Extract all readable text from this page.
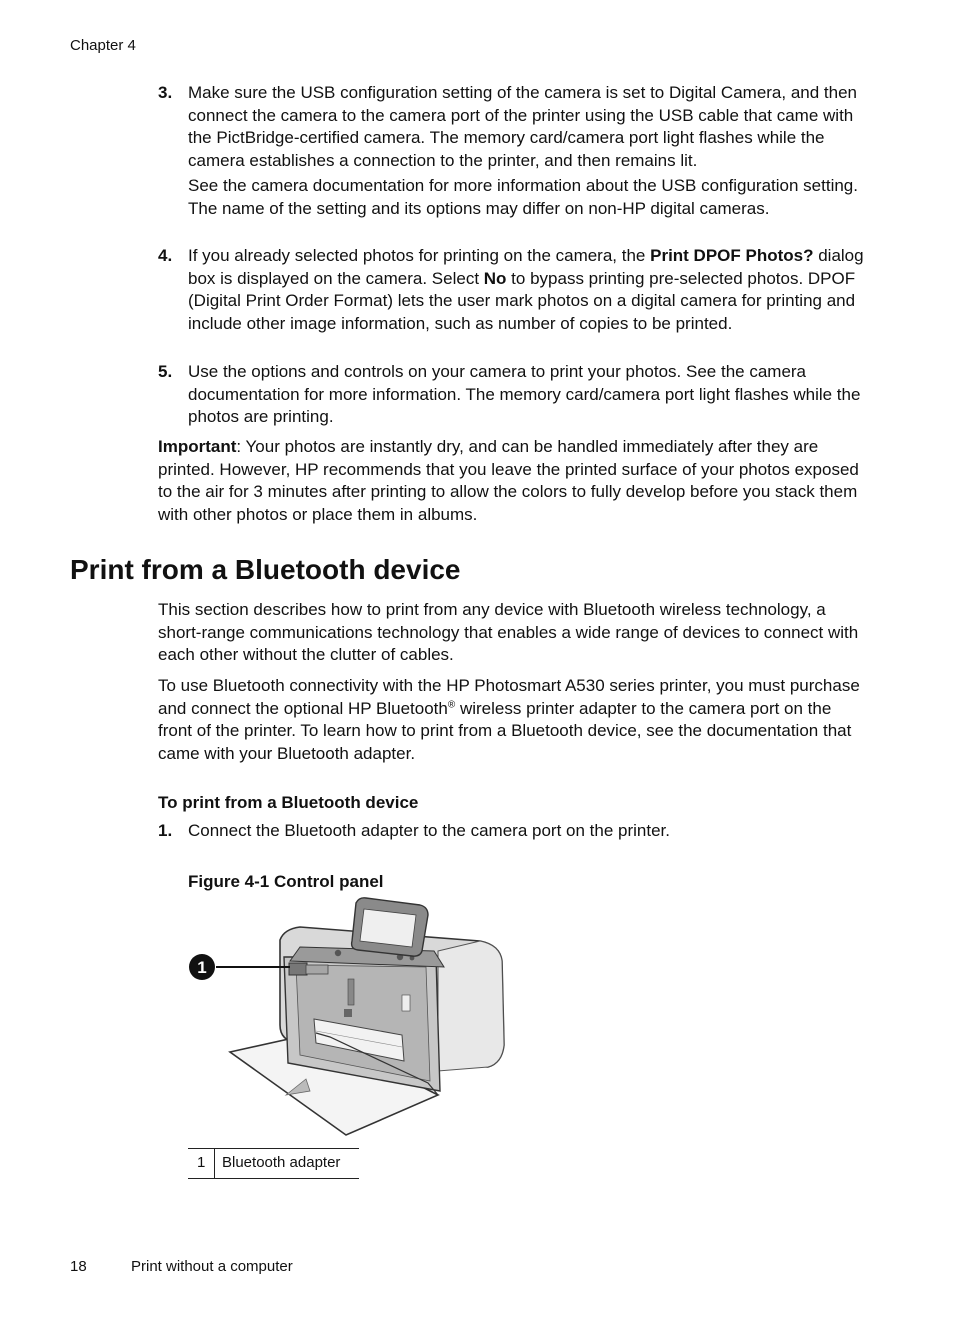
Chapter 4
3. Make sure the USB configuration setting of the camera is set to Digital Camera, and then connect the camera to the camera port of the printer using the USB cable that came with the PictBridge-certified camera. The memory card/camera port light flashes while the camera establishes a connection to the printer, and then remains lit.

See the camera documentation for more information about the USB configuration setting. The name of the setting and its options may differ on non-HP digital cameras.

4. If you already selected photos for printing on the camera, the Print DPOF Photos? dialog box is displayed on the camera. Select No to bypass printing pre-selected photos. DPOF (Digital Print Order Format) lets the user mark photos on a digital camera for printing and include other image information, such as number of copies to be printed.

5. Use the options and controls on your camera to print your photos. See the camera documentation for more information. The memory card/camera port light flashes while the photos are printing.

Important: Your photos are instantly dry, and can be handled immediately after they are printed. However, HP recommends that you leave the printed surface of your photos exposed to the air for 3 minutes after printing to allow the colors to fully develop before you stack them with other photos or place them in albums.

Print from a Bluetooth device

This section describes how to print from any device with Bluetooth wireless technology, a short-range communications technology that enables a wide range of devices to connect with each other without the clutter of cables.

To use Bluetooth connectivity with the HP Photosmart A530 series printer, you must purchase and connect the optional HP Bluetooth® wireless printer adapter to the camera port on the front of the printer. To learn how to print from a Bluetooth device, see the documentation that came with your Bluetooth adapter.

To print from a Bluetooth device
1. Connect the Bluetooth adapter to the camera port on the printer.

Figure 4-1 Control panel
1
1	Bluetooth adapter
18	Print without a computer
